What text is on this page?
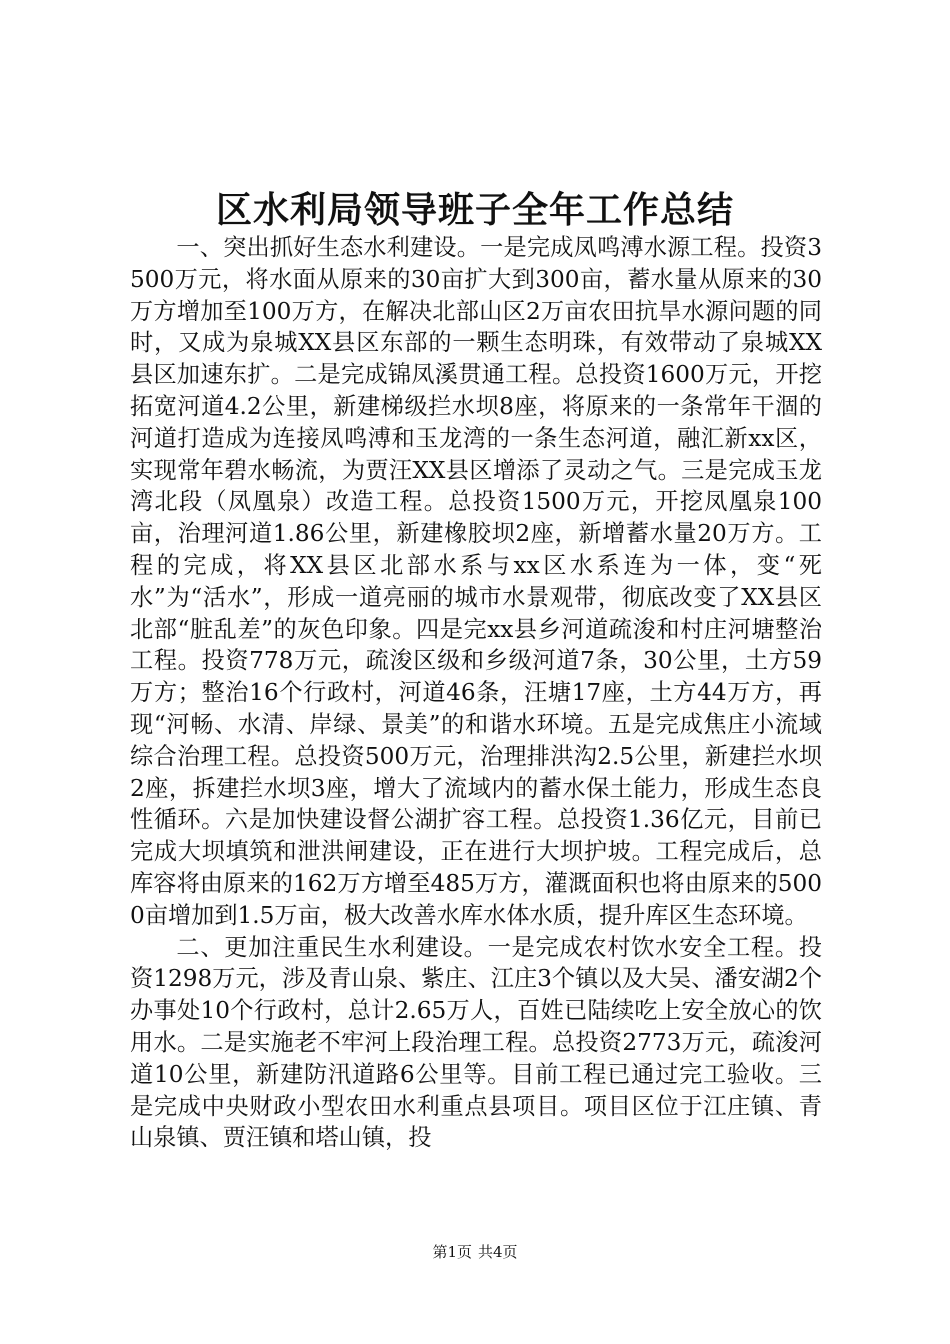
区水利局领导班子全年工作总结

一、突出抓好生态水利建设。一是完成凤鸣溥水源工程。投资3500万元，将水面从原来的30亩扩大到300亩，蓄水量从原来的30万方增加至100万方，在解决北部山区2万亩农田抗旱水源问题的同时，又成为泉城XX县区东部的一颗生态明珠，有效带动了泉城XX县区加速东扩。二是完成锦凤溪贯通工程。总投资1600万元，开挖拓宽河道4.2公里，新建梯级拦水坝8座，将原来的一条常年干涸的河道打造成为连接凤鸣溥和玉龙湾的一条生态河道，融汇新xx区，实现常年碧水畅流，为贾汪XX县区增添了灵动之气。三是完成玉龙湾北段（凤凰泉）改造工程。总投资1500万元，开挖凤凰泉100亩，治理河道1.86公里，新建橡胶坝2座，新增蓄水量20万方。工程的完成，将XX县区北部水系与xx区水系连为一体，变“死水”为“活水”，形成一道亮丽的城市水景观带，彻底改变了XX县区北部“脏乱差”的灰色印象。四是完xx县乡河道疏浚和村庄河塘整治工程。投资778万元，疏浚区级和乡级河道7条，30公里，土方59万方；整治16个行政村，河道46条，汪塘17座，土方44万方，再现“河畅、水清、岸绿、景美”的和谐水环境。五是完成焦庄小流域综合治理工程。总投资500万元，治理排洪沟2.5公里，新建拦水坝2座，拆建拦水坝3座，增大了流域内的蓄水保土能力，形成生态良性循环。六是加快建设督公湖扩容工程。总投资1.36亿元，目前已完成大坝填筑和泄洪闸建设，正在进行大坝护坡。工程完成后，总库容将由原来的162万方增至485万方，灌溉面积也将由原来的5000亩增加到1.5万亩，极大改善水库水体水质，提升库区生态环境。

二、更加注重民生水利建设。一是完成农村饮水安全工程。投资1298万元，涉及青山泉、紫庄、江庄3个镇以及大吴、潘安湖2个办事处10个行政村，总计2.65万人，百姓已陆续吃上安全放心的饮用水。二是实施老不牢河上段治理工程。总投资2773万元，疏浚河道10公里，新建防汛道路6公里等。目前工程已通过完工验收。三是完成中央财政小型农田水利重点县项目。项目区位于江庄镇、青山泉镇、贾汪镇和塔山镇，投

第1页 共4页
